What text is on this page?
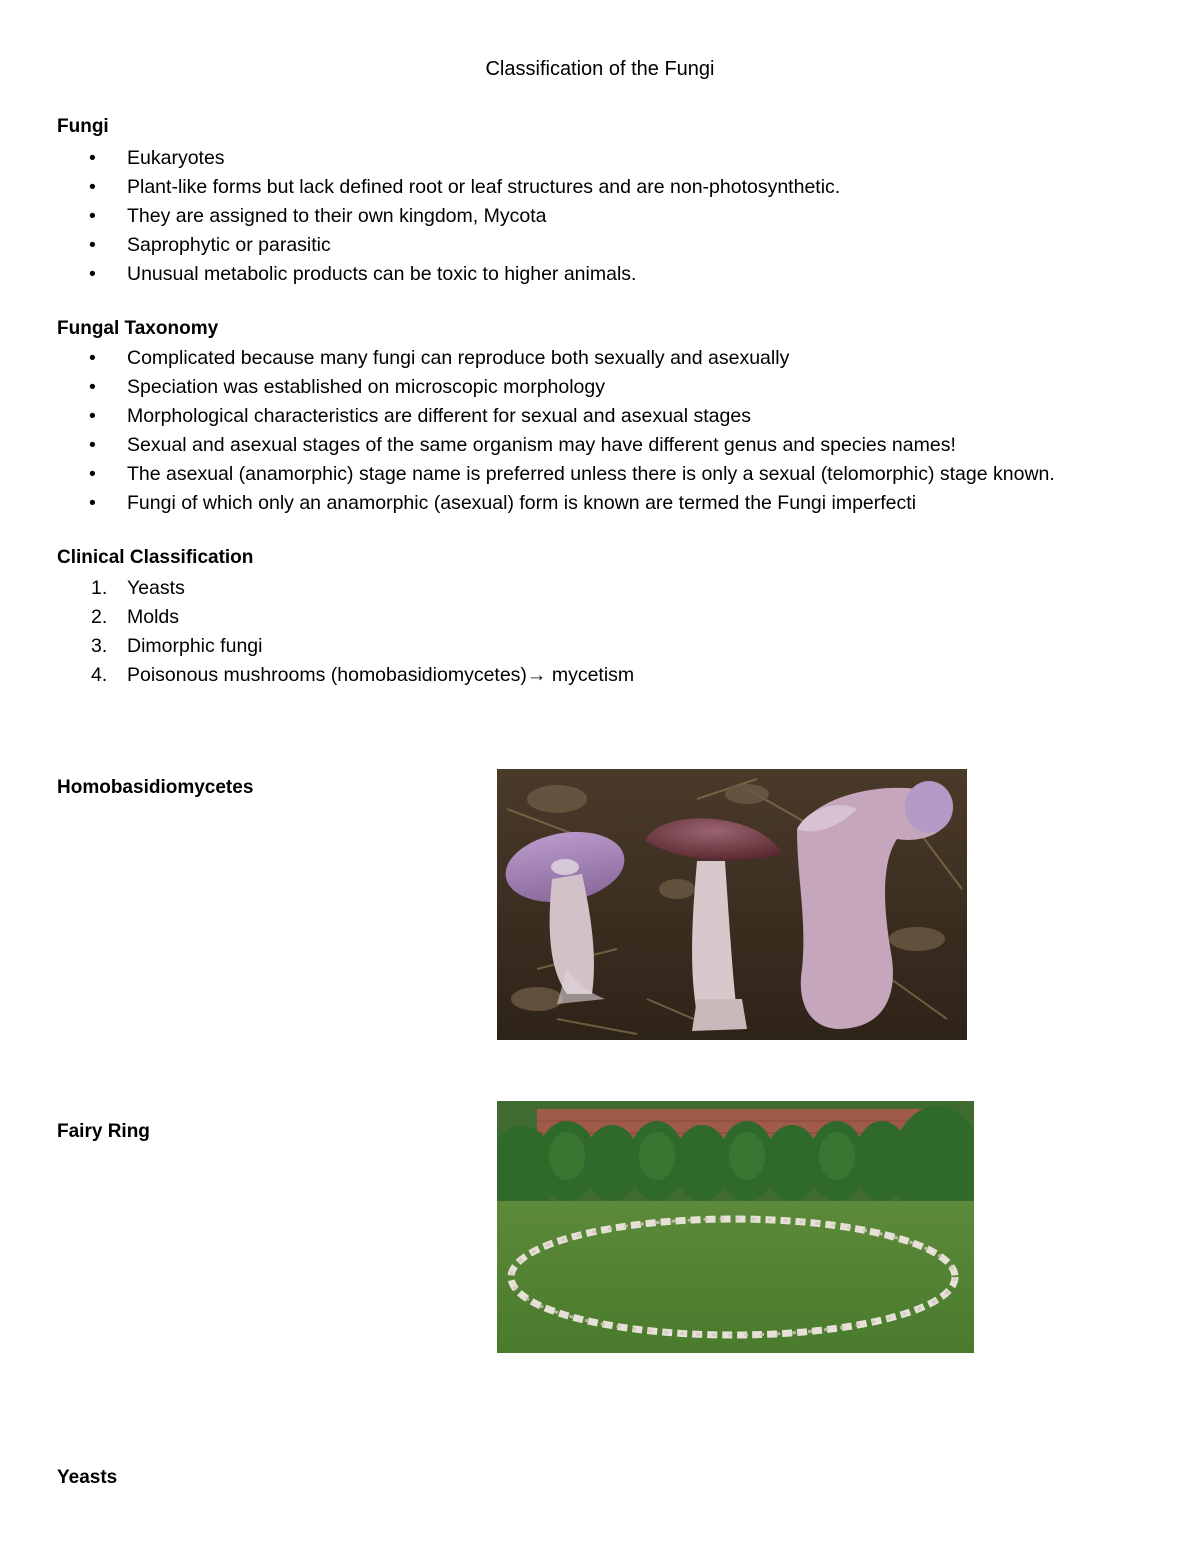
Classification of the Fungi
Fungi
•	Eukaryotes
•	Plant-like forms but lack defined root or leaf structures and are non-photosynthetic.
•	They are assigned to their own kingdom, Mycota
•	Saprophytic or parasitic
•	Unusual metabolic products can be toxic to higher animals.
Fungal Taxonomy
•	Complicated because many fungi can reproduce both sexually and asexually
•	Speciation was established on microscopic morphology
•	Morphological characteristics are different for sexual and asexual stages
•	Sexual and asexual stages of the same organism may have different genus and species names!
•	The asexual (anamorphic) stage name is preferred unless there is only a sexual (telomorphic) stage known.
•	Fungi of which only an anamorphic (asexual) form is known are termed the Fungi imperfecti
Clinical Classification
1.	Yeasts
2.	Molds
3.	Dimorphic fungi
4.	Poisonous mushrooms (homobasidiomycetes)→ mycetism
Homobasidiomycetes
Fairy Ring
Yeasts
